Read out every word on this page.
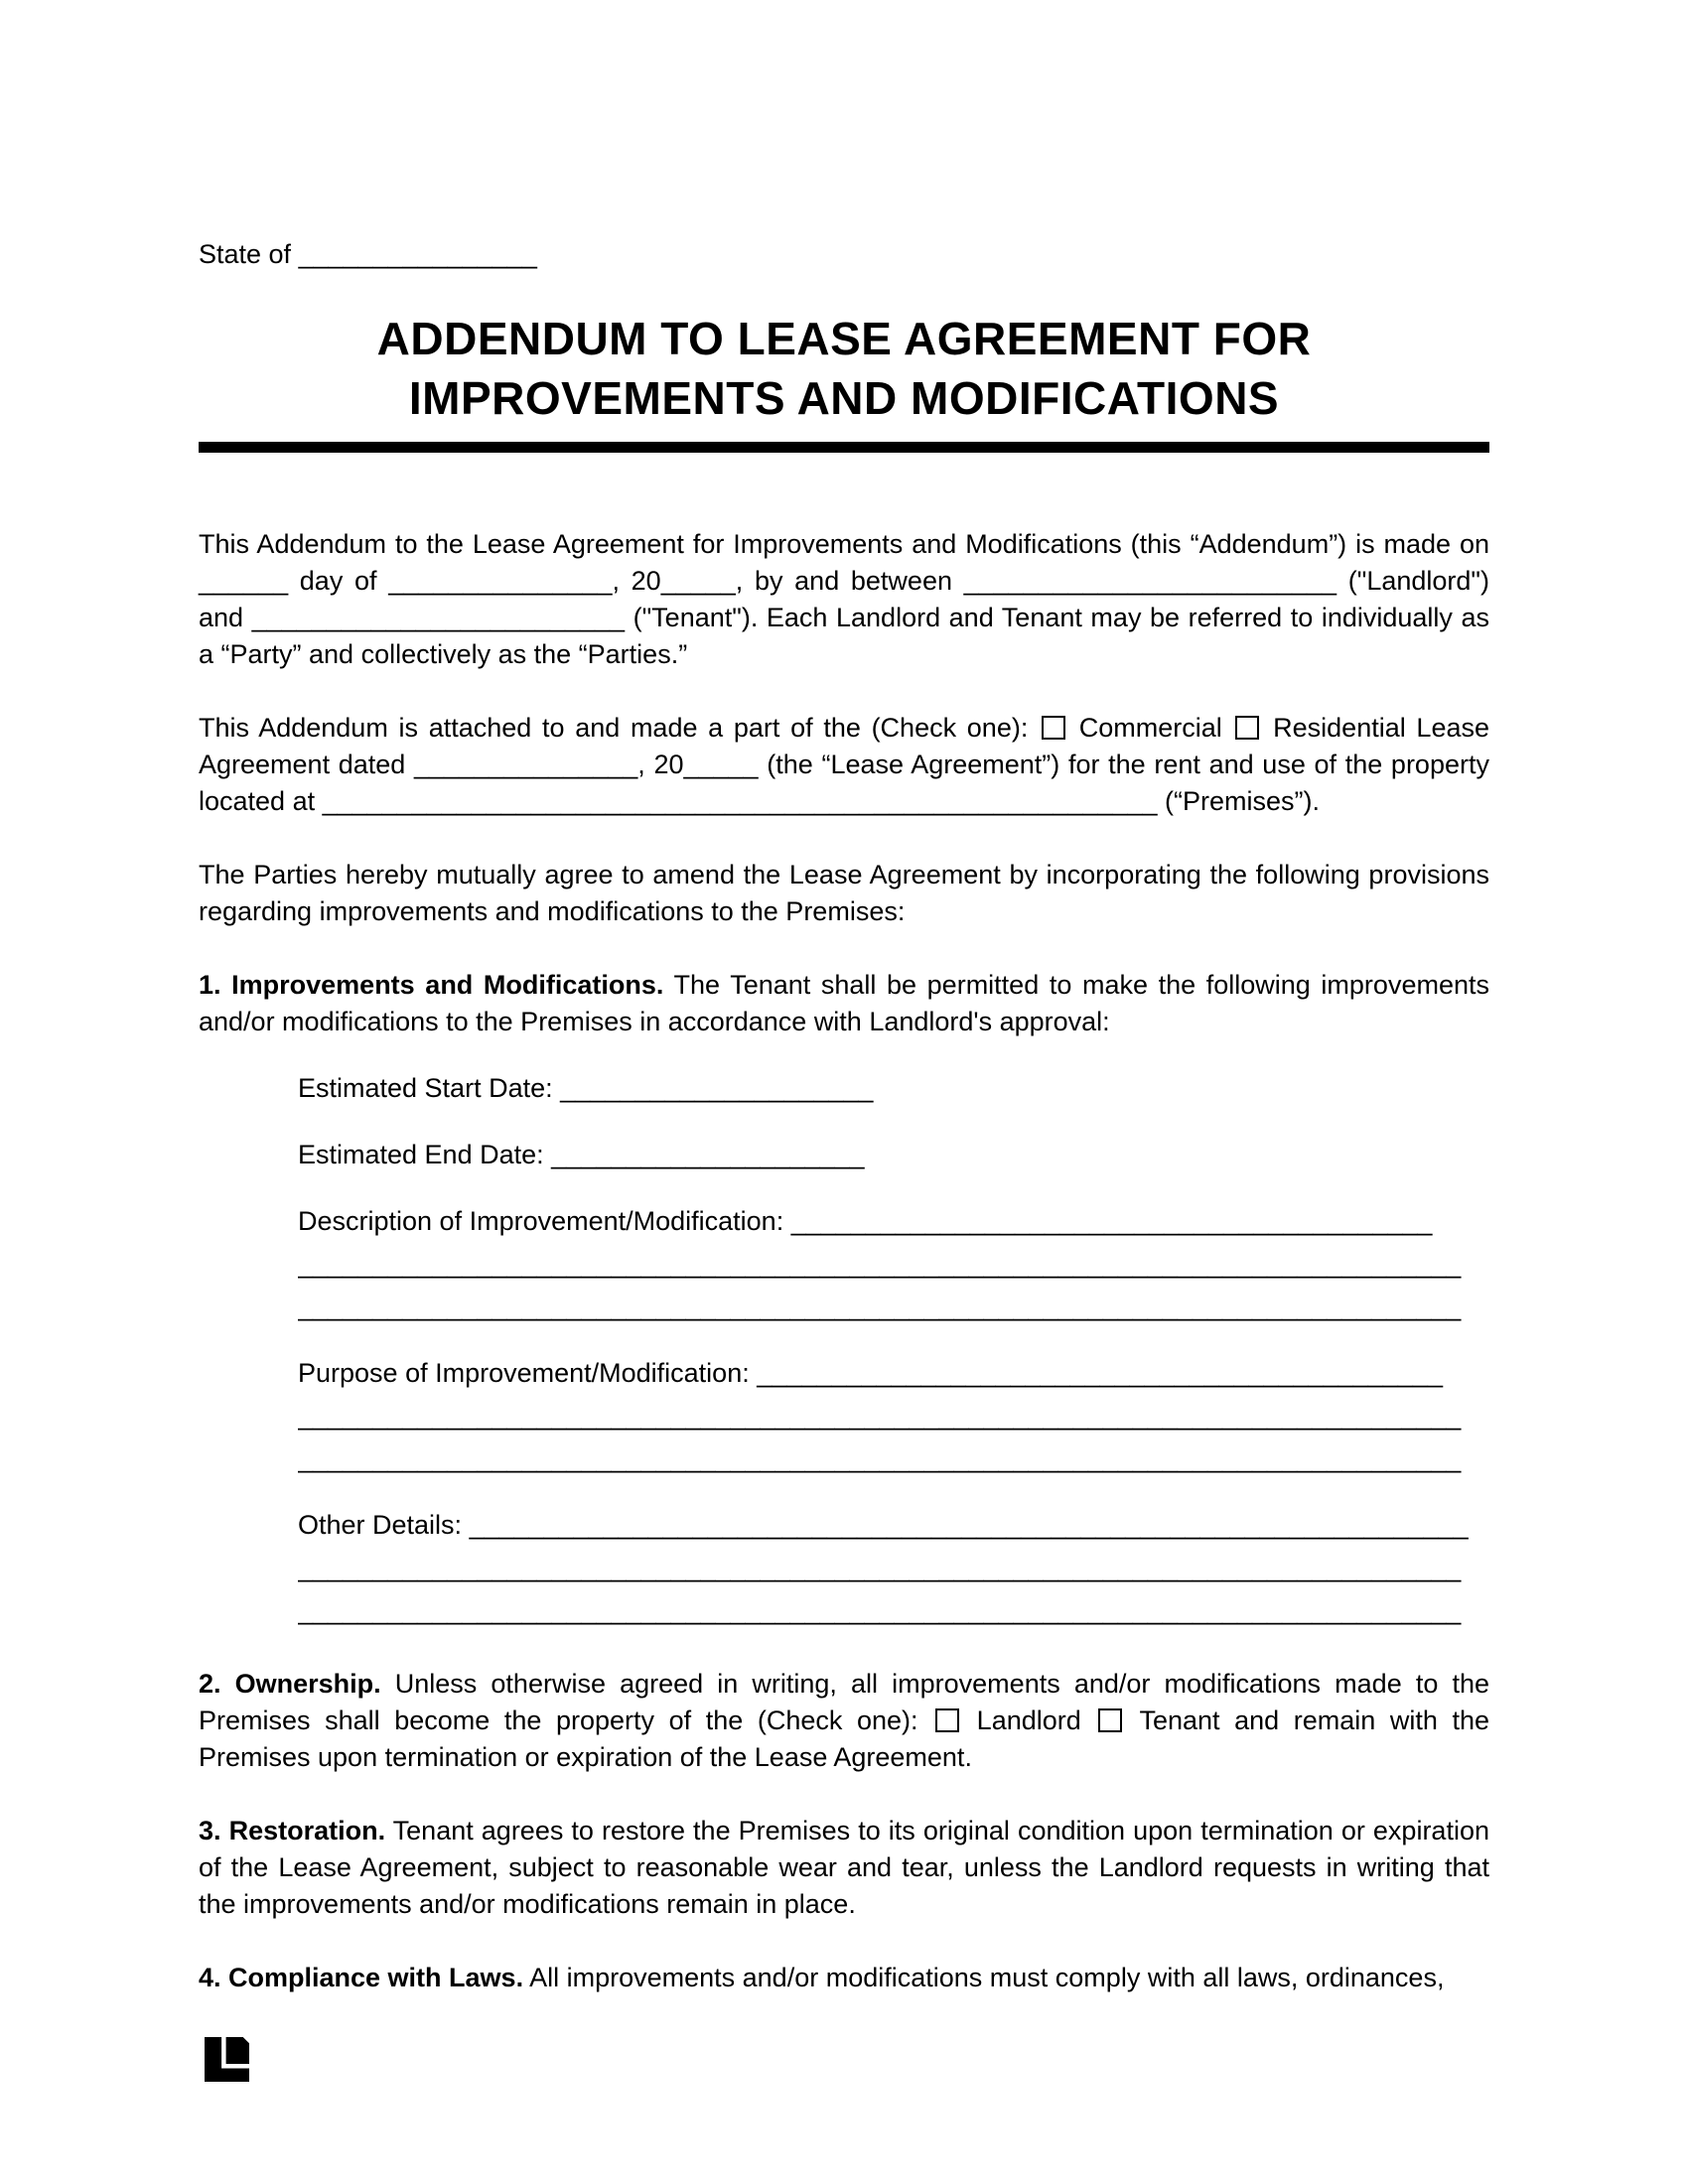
State of ________________
ADDENDUM TO LEASE AGREEMENT FOR
IMPROVEMENTS AND MODIFICATIONS

This Addendum to the Lease Agreement for Improvements and Modifications (this “Addendum”) is made on ______ day of _______________, 20_____, by and between _________________________ ("Landlord") and _________________________ ("Tenant"). Each Landlord and Tenant may be referred to individually as a “Party” and collectively as the “Parties.”

This Addendum is attached to and made a part of the (Check one):  Commercial  Residential Lease Agreement dated _______________, 20_____ (the “Lease Agreement”) for the rent and use of the property located at ________________________________________________________ (“Premises”).

The Parties hereby mutually agree to amend the Lease Agreement by incorporating the following provisions regarding improvements and modifications to the Premises:

1. Improvements and Modifications. The Tenant shall be permitted to make the following improvements and/or modifications to the Premises in accordance with Landlord's approval:

Estimated Start Date: _____________________
Estimated End Date: _____________________
Description of Improvement/Modification: ___________________________________________
______________________________________________________________________________
______________________________________________________________________________
Purpose of Improvement/Modification: ______________________________________________
______________________________________________________________________________
______________________________________________________________________________
Other Details: ___________________________________________________________________
______________________________________________________________________________
______________________________________________________________________________

2. Ownership. Unless otherwise agreed in writing, all improvements and/or modifications made to the Premises shall become the property of the (Check one):  Landlord  Tenant and remain with the Premises upon termination or expiration of the Lease Agreement.

3. Restoration. Tenant agrees to restore the Premises to its original condition upon termination or expiration of the Lease Agreement, subject to reasonable wear and tear, unless the Landlord requests in writing that the improvements and/or modifications remain in place.

4. Compliance with Laws. All improvements and/or modifications must comply with all laws, ordinances,
